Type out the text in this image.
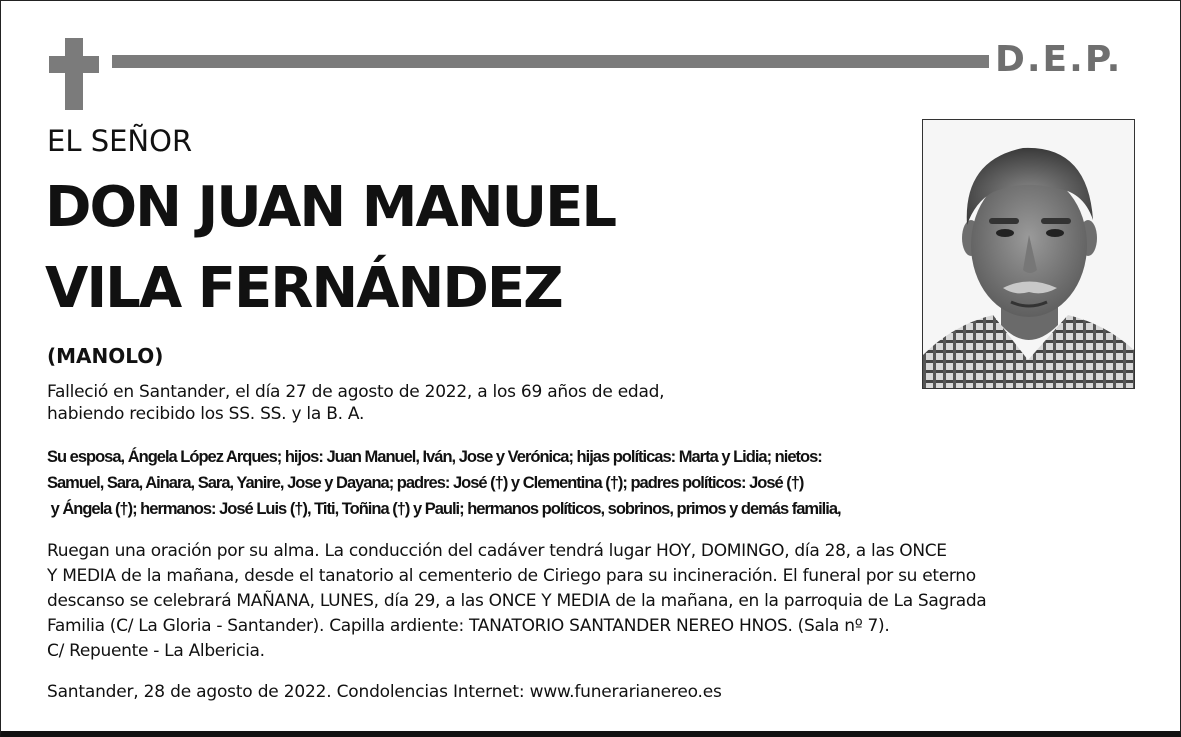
D.E.P.
EL SEÑOR
DON JUAN MANUEL
VILA FERNÁNDEZ
(MANOLO)
Falleció en Santander, el día 27 de agosto de 2022, a los 69 años de edad,
habiendo recibido los SS. SS. y la B. A.
Su esposa, Ángela López Arques; hijos: Juan Manuel, Iván, Jose y Verónica; hijas políticas: Marta y Lidia; nietos:
Samuel, Sara, Ainara, Sara, Yanire, Jose y Dayana; padres: José (†) y Clementina (†); padres políticos: José (†)
y Ángela (†); hermanos: José Luis (†), Titi, Toñina (†) y Pauli; hermanos políticos, sobrinos, primos y demás familia,
Ruegan una oración por su alma. La conducción del cadáver tendrá lugar HOY, DOMINGO, día 28, a las ONCE
Y MEDIA de la mañana, desde el tanatorio al cementerio de Ciriego para su incineración. El funeral por su eterno
descanso se celebrará MAÑANA, LUNES, día 29, a las ONCE Y MEDIA de la mañana, en la parroquia de La Sagrada
Familia (C/ La Gloria - Santander). Capilla ardiente: TANATORIO SANTANDER NEREO HNOS. (Sala nº 7).
C/ Repuente - La Albericia.
Santander, 28 de agosto de 2022. Condolencias Internet: www.funerarianereo.es
